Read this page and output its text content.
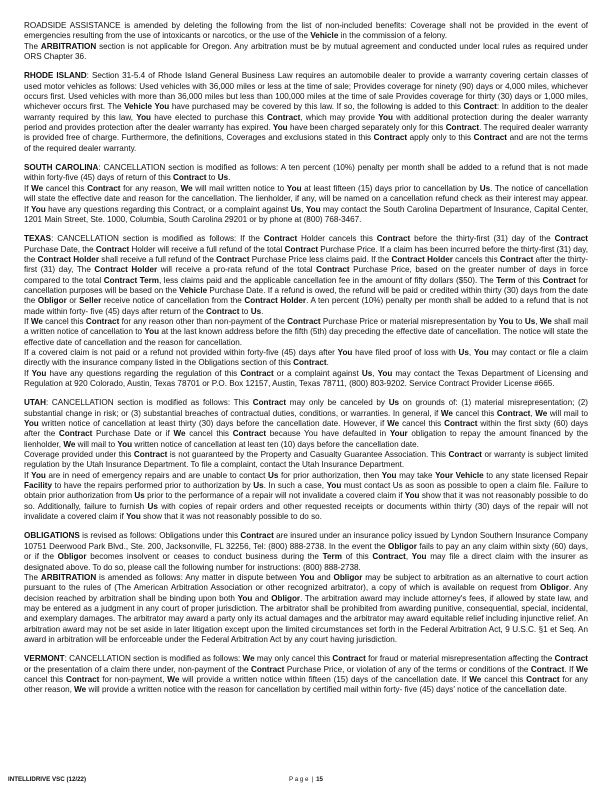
ROADSIDE ASSISTANCE is amended by deleting the following from the list of non-included benefits: Coverage shall not be provided in the event of emergencies resulting from the use of intoxicants or narcotics, or the use of the Vehicle in the commission of a felony.

The ARBITRATION section is not applicable for Oregon. Any arbitration must be by mutual agreement and conducted under local rules as required under ORS Chapter 36.

RHODE ISLAND: Section 31-5.4 of Rhode Island General Business Law requires an automobile dealer to provide a warranty covering certain classes of used motor vehicles as follows: Used vehicles with 36,000 miles or less at the time of sale; Provides coverage for ninety (90) days or 4,000 miles, whichever occurs first. Used vehicles with more than 36,000 miles but less than 100,000 miles at the time of sale Provides coverage for thirty (30) days or 1,000 miles, whichever occurs first. The Vehicle You have purchased may be covered by this law. If so, the following is added to this Contract: In addition to the dealer warranty required by this law, You have elected to purchase this Contract, which may provide You with additional protection during the dealer warranty period and provides protection after the dealer warranty has expired. You have been charged separately only for this Contract. The required dealer warranty is provided free of charge. Furthermore, the definitions, Coverages and exclusions stated in this Contract apply only to this Contract and are not the terms of the required dealer warranty.

SOUTH CAROLINA: CANCELLATION section is modified as follows: A ten percent (10%) penalty per month shall be added to a refund that is not made within forty-five (45) days of return of this Contract to Us.

If We cancel this Contract for any reason, We will mail written notice to You at least fifteen (15) days prior to cancellation by Us. The notice of cancellation will state the effective date and reason for the cancellation. The lienholder, if any, will be named on a cancellation refund check as their interest may appear. If You have any questions regarding this Contract, or a complaint against Us, You may contact the South Carolina Department of Insurance, Capital Center, 1201 Main Street, Ste. 1000, Columbia, South Carolina 29201 or by phone at (800) 768-3467.

TEXAS: CANCELLATION section is modified as follows: If the Contract Holder cancels this Contract before the thirty-first (31) day of the Contract Purchase Date, the Contract Holder will receive a full refund of the total Contract Purchase Price. If a claim has been incurred before the thirty-first (31) day, the Contract Holder shall receive a full refund of the Contract Purchase Price less claims paid. If the Contract Holder cancels this Contract after the thirty-first (31) day, The Contract Holder will receive a pro-rata refund of the total Contract Purchase Price, based on the greater number of days in force compared to the total Contract Term, less claims paid and the applicable cancellation fee in the amount of fifty dollars ($50). The Term of this Contract for cancellation purposes will be based on the Vehicle Purchase Date. If a refund is owed, the refund will be paid or credited within thirty (30) days from the date the Obligor or Seller receive notice of cancellation from the Contract Holder. A ten percent (10%) penalty per month shall be added to a refund that is not made within forty- five (45) days after return of the Contract to Us.

If We cancel this Contract for any reason other than non-payment of the Contract Purchase Price or material misrepresentation by You to Us, We shall mail a written notice of cancellation to You at the last known address before the fifth (5th) day preceding the effective date of cancellation. The notice will state the effective date of cancellation and the reason for cancellation.

If a covered claim is not paid or a refund not provided within forty-five (45) days after You have filed proof of loss with Us, You may contact or file a claim directly with the insurance company listed in the Obligations section of this Contract.

If You have any questions regarding the regulation of this Contract or a complaint against Us, You may contact the Texas Department of Licensing and Regulation at 920 Colorado, Austin, Texas 78701 or P.O. Box 12157, Austin, Texas 78711, (800) 803-9202. Service Contract Provider License #665.

UTAH: CANCELLATION section is modified as follows: This Contract may only be canceled by Us on grounds of: (1) material misrepresentation; (2) substantial change in risk; or (3) substantial breaches of contractual duties, conditions, or warranties. In general, if We cancel this Contract, We will mail to You written notice of cancellation at least thirty (30) days before the cancellation date. However, if We cancel this Contract within the first sixty (60) days after the Contract Purchase Date or if We cancel this Contract because You have defaulted in Your obligation to repay the amount financed by the lienholder, We will mail to You written notice of cancellation at least ten (10) days before the cancellation date.

Coverage provided under this Contract is not guaranteed by the Property and Casualty Guarantee Association. This Contract or warranty is subject limited regulation by the Utah Insurance Department. To file a complaint, contact the Utah Insurance Department.

If You are in need of emergency repairs and are unable to contact Us for prior authorization, then You may take Your Vehicle to any state licensed Repair Facility to have the repairs performed prior to authorization by Us. In such a case, You must contact Us as soon as possible to open a claim file. Failure to obtain prior authorization from Us prior to the performance of a repair will not invalidate a covered claim if You show that it was not reasonably possible to do so. Additionally, failure to furnish Us with copies of repair orders and other requested receipts or documents within thirty (30) days of the repair will not invalidate a covered claim if You show that it was not reasonably possible to do so.

OBLIGATIONS is revised as follows: Obligations under this Contract are insured under an insurance policy issued by Lyndon Southern Insurance Company 10751 Deerwood Park Blvd., Ste. 200, Jacksonville, FL 32256, Tel: (800) 888-2738. In the event the Obligor fails to pay an any claim within sixty (60) days, or if the Obligor becomes insolvent or ceases to conduct business during the Term of this Contract, You may file a direct claim with the insurer as designated above. To do so, please call the following number for instructions: (800) 888-2738.

The ARBITRATION is amended as follows: Any matter in dispute between You and Obligor may be subject to arbitration as an alternative to court action pursuant to the rules of (The American Arbitration Association or other recognized arbitrator), a copy of which is available on request from Obligor. Any decision reached by arbitration shall be binding upon both You and Obligor. The arbitration award may include attorney's fees, if allowed by state law, and may be entered as a judgment in any court of proper jurisdiction. The arbitrator shall be prohibited from awarding punitive, consequential, special, incidental, and exemplary damages. The arbitrator may award a party only its actual damages and the arbitrator may award equitable relief including injunctive relief. An arbitration award may not be set aside in later litigation except upon the limited circumstances set forth in the Federal Arbitration Act, 9 U.S.C. §1 et Seq. An award in arbitration will be enforceable under the Federal Arbitration Act by any court having jurisdiction.

VERMONT: CANCELLATION section is modified as follows: We may only cancel this Contract for fraud or material misrepresentation affecting the Contract or the presentation of a claim there under, non-payment of the Contract Purchase Price, or violation of any of the terms or conditions of the Contract. If We cancel this Contract for non-payment, We will provide a written notice within fifteen (15) days of the cancellation date. If We cancel this Contract for any other reason, We will provide a written notice with the reason for cancellation by certified mail within forty- five (45) days' notice of the cancellation date.

INTELLIDRIVE VSC (12/22)	P a g e | 15
